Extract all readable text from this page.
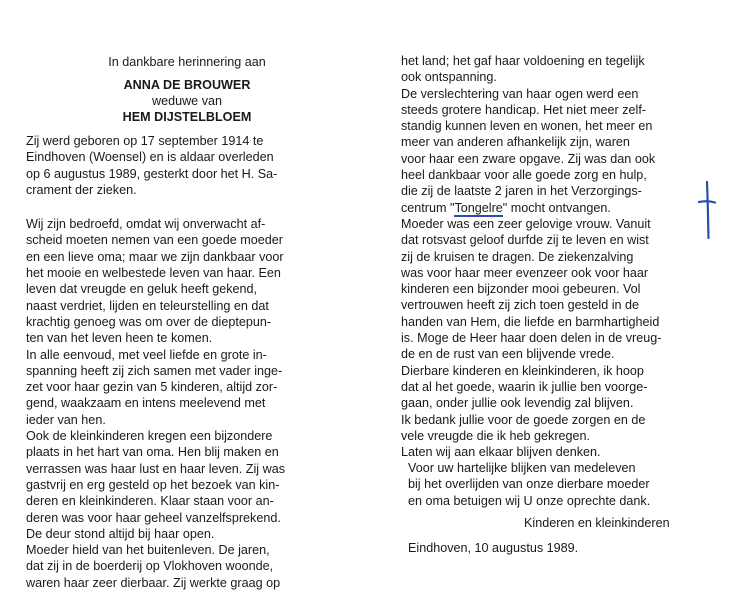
In dankbare herinnering aan
ANNA DE BROUWER
weduwe van
HEM DIJSTELBLOEM
Zij werd geboren op 17 september 1914 te
Eindhoven (Woensel) en is aldaar overleden
op 6 augustus 1989, gesterkt door het H. Sa-
crament der zieken.
Wij zijn bedroefd, omdat wij onverwacht af-
scheid moeten nemen van een goede moeder
en een lieve oma; maar we zijn dankbaar voor
het mooie en welbestede leven van haar. Een
leven dat vreugde en geluk heeft gekend,
naast verdriet, lijden en teleurstelling en dat
krachtig genoeg was om over de dieptepun-
ten van het leven heen te komen.
In alle eenvoud, met veel liefde en grote in-
spanning heeft zij zich samen met vader inge-
zet voor haar gezin van 5 kinderen, altijd zor-
gend, waakzaam en intens meelevend met
ieder van hen.
Ook de kleinkinderen kregen een bijzondere
plaats in het hart van oma. Hen blij maken en
verrassen was haar lust en haar leven. Zij was
gastvrij en erg gesteld op het bezoek van kin-
deren en kleinkinderen. Klaar staan voor an-
deren was voor haar geheel vanzelfsprekend.
De deur stond altijd bij haar open.
Moeder hield van het buitenleven. De jaren,
dat zij in de boerderij op Vlokhoven woonde,
waren haar zeer dierbaar. Zij werkte graag op
het land; het gaf haar voldoening en tegelijk
ook ontspanning.
De verslechtering van haar ogen werd een
steeds grotere handicap. Het niet meer zelf-
standig kunnen leven en wonen, het meer en
meer van anderen afhankelijk zijn, waren
voor haar een zware opgave. Zij was dan ook
heel dankbaar voor alle goede zorg en hulp,
die zij de laatste 2 jaren in het Verzorgings-
centrum "Tongelre" mocht ontvangen.
Moeder was een zeer gelovige vrouw. Vanuit
dat rotsvast geloof durfde zij te leven en wist
zij de kruisen te dragen. De ziekenzalving
was voor haar meer evenzeer ook voor haar
kinderen een bijzonder mooi gebeuren. Vol
vertrouwen heeft zij zich toen gesteld in de
handen van Hem, die liefde en barmhartigheid
is. Moge de Heer haar doen delen in de vreug-
de en de rust van een blijvende vrede.
Dierbare kinderen en kleinkinderen, ik hoop
dat al het goede, waarin ik jullie ben voorge-
gaan, onder jullie ook levendig zal blijven.
Ik bedank jullie voor de goede zorgen en de
vele vreugde die ik heb gekregen.
Laten wij aan elkaar blijven denken.
Voor uw hartelijke blijken van medeleven
bij het overlijden van onze dierbare moeder
en oma betuigen wij U onze oprechte dank.
Kinderen en kleinkinderen
Eindhoven, 10 augustus 1989.
